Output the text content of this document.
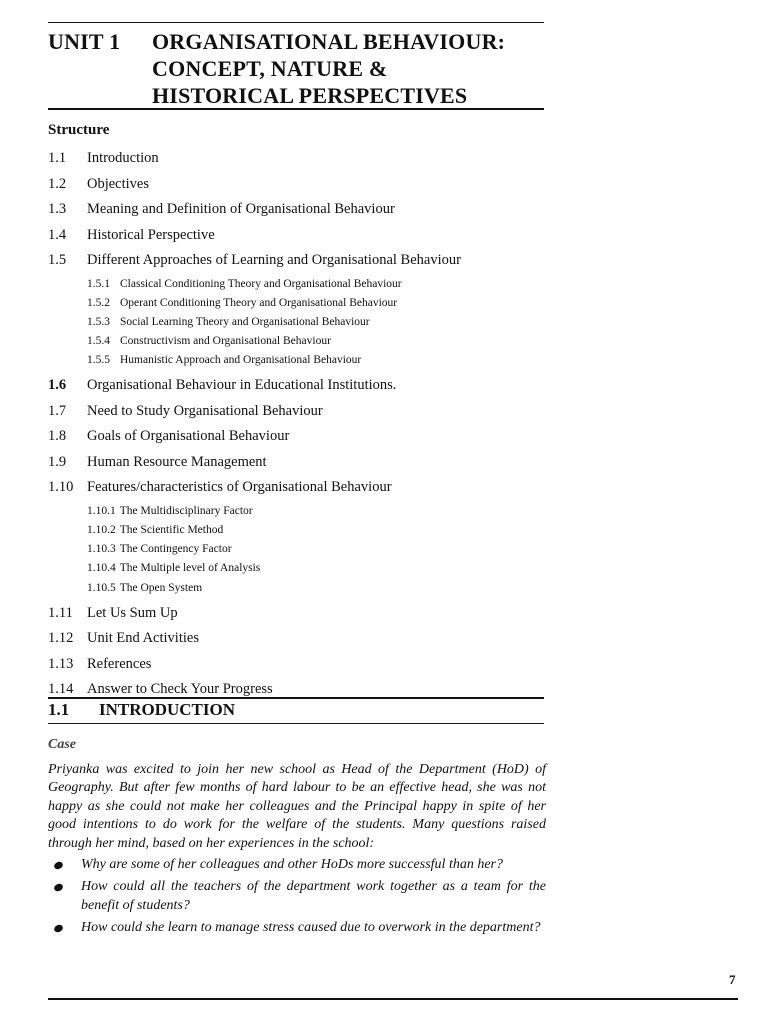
UNIT 1 ORGANISATIONAL BEHAVIOUR:
CONCEPT, NATURE &
HISTORICAL PERSPECTIVES
Structure
1.1	Introduction
1.2	Objectives
1.3	Meaning and Definition of Organisational Behaviour
1.4	Historical Perspective
1.5	Different Approaches of Learning and Organisational Behaviour
1.5.1 Classical Conditioning Theory and Organisational Behaviour
1.5.2 Operant Conditioning Theory and Organisational Behaviour
1.5.3 Social Learning Theory and Organisational Behaviour
1.5.4 Constructivism and Organisational Behaviour
1.5.5 Humanistic Approach and Organisational Behaviour
1.6	Organisational Behaviour in Educational Institutions.
1.7	Need to Study Organisational Behaviour
1.8	Goals of Organisational Behaviour
1.9	Human Resource Management
1.10 Features/characteristics of Organisational Behaviour
1.10.1 The Multidisciplinary Factor
1.10.2 The Scientific Method
1.10.3 The Contingency Factor
1.10.4 The Multiple level of Analysis
1.10.5 The Open System
1.11 Let Us Sum Up
1.12 Unit End Activities
1.13 References
1.14 Answer to Check Your Progress
1.1 INTRODUCTION
Case
Priyanka was excited to join her new school as Head of the Department (HoD) of Geography. But after few months of hard labour to be an effective head, she was not happy as she could not make her colleagues and the Principal happy in spite of her good intentions to do work for the welfare of the students. Many questions raised through her mind, based on her experiences in the school:
Why are some of her colleagues and other HoDs more successful than her?
How could all the teachers of the department work together as a team for the benefit of students?
How could she learn to manage stress caused due to overwork in the department?
7
